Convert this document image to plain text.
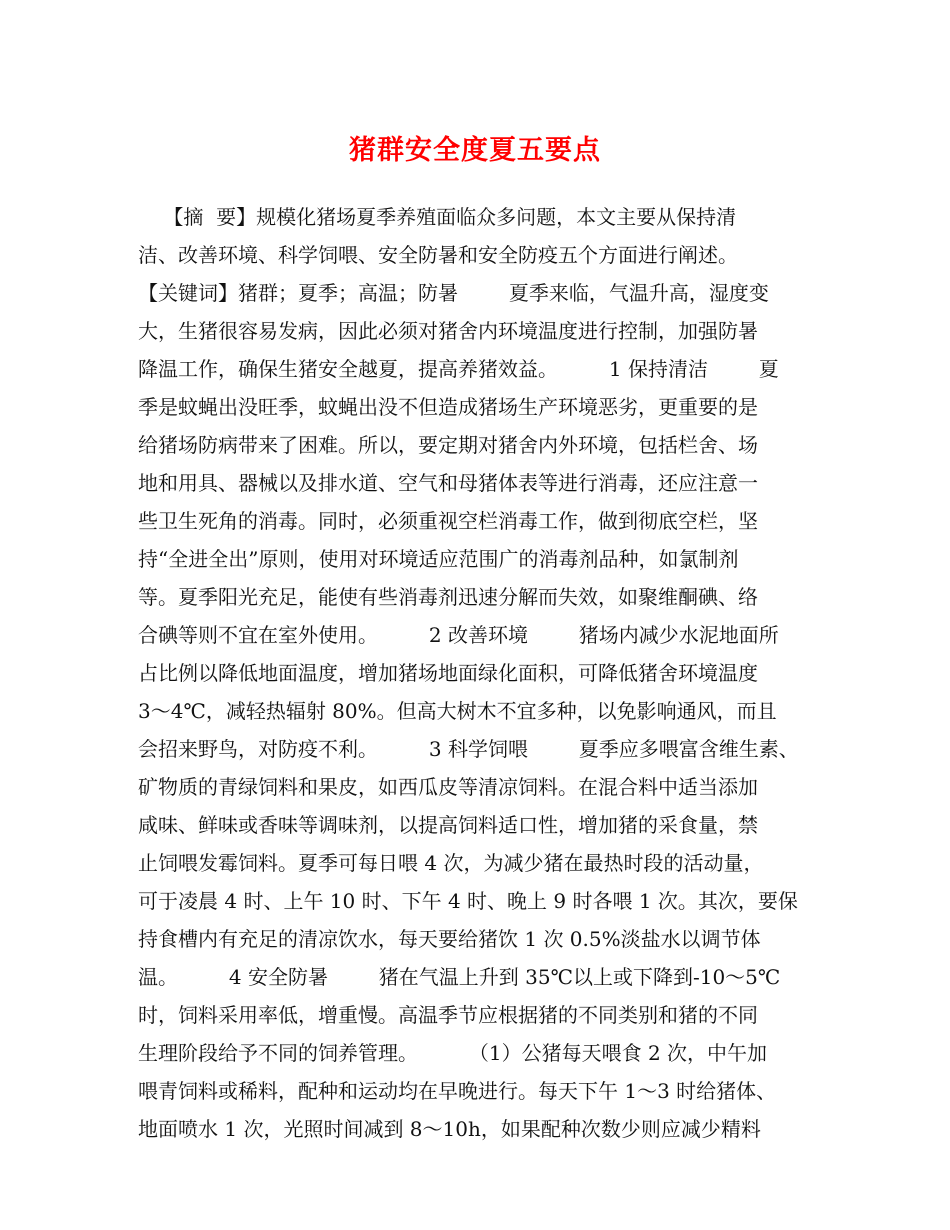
猪群安全度夏五要点
【摘  要】规模化猪场夏季养殖面临众多问题，本文主要从保持清
洁、改善环境、科学饲喂、安全防暑和安全防疫五个方面进行阐述。
【关键词】猪群；夏季；高温；防暑        夏季来临，气温升高，湿度变
大，生猪很容易发病，因此必须对猪舍内环境温度进行控制，加强防暑
降温工作，确保生猪安全越夏，提高养猪效益。        1 保持清洁        夏
季是蚊蝇出没旺季，蚊蝇出没不但造成猪场生产环境恶劣，更重要的是
给猪场防病带来了困难。所以，要定期对猪舍内外环境，包括栏舍、场
地和用具、器械以及排水道、空气和母猪体表等进行消毒，还应注意一
些卫生死角的消毒。同时，必须重视空栏消毒工作，做到彻底空栏，坚
持“全进全出”原则，使用对环境适应范围广的消毒剂品种，如氯制剂
等。夏季阳光充足，能使有些消毒剂迅速分解而失效，如聚维酮碘、络
合碘等则不宜在室外使用。        2 改善环境        猪场内减少水泥地面所
占比例以降低地面温度，增加猪场地面绿化面积，可降低猪舍环境温度
3～4℃，减轻热辐射 80%。但高大树木不宜多种，以免影响通风，而且
会招来野鸟，对防疫不利。        3 科学饲喂        夏季应多喂富含维生素、
矿物质的青绿饲料和果皮，如西瓜皮等清凉饲料。在混合料中适当添加
咸味、鲜味或香味等调味剂，以提高饲料适口性，增加猪的采食量，禁
止饲喂发霉饲料。夏季可每日喂 4 次，为减少猪在最热时段的活动量，
可于凌晨 4 时、上午 10 时、下午 4 时、晚上 9 时各喂 1 次。其次，要保
持食槽内有充足的清凉饮水，每天要给猪饮 1 次 0.5%淡盐水以调节体
温。        4 安全防暑        猪在气温上升到 35℃以上或下降到-10～5℃
时，饲料采用率低，增重慢。高温季节应根据猪的不同类别和猪的不同
生理阶段给予不同的饲养管理。        （1）公猪每天喂食 2 次，中午加
喂青饲料或稀料，配种和运动均在早晚进行。每天下午 1～3 时给猪体、
地面喷水 1 次，光照时间减到 8～10h，如果配种次数少则应减少精料
